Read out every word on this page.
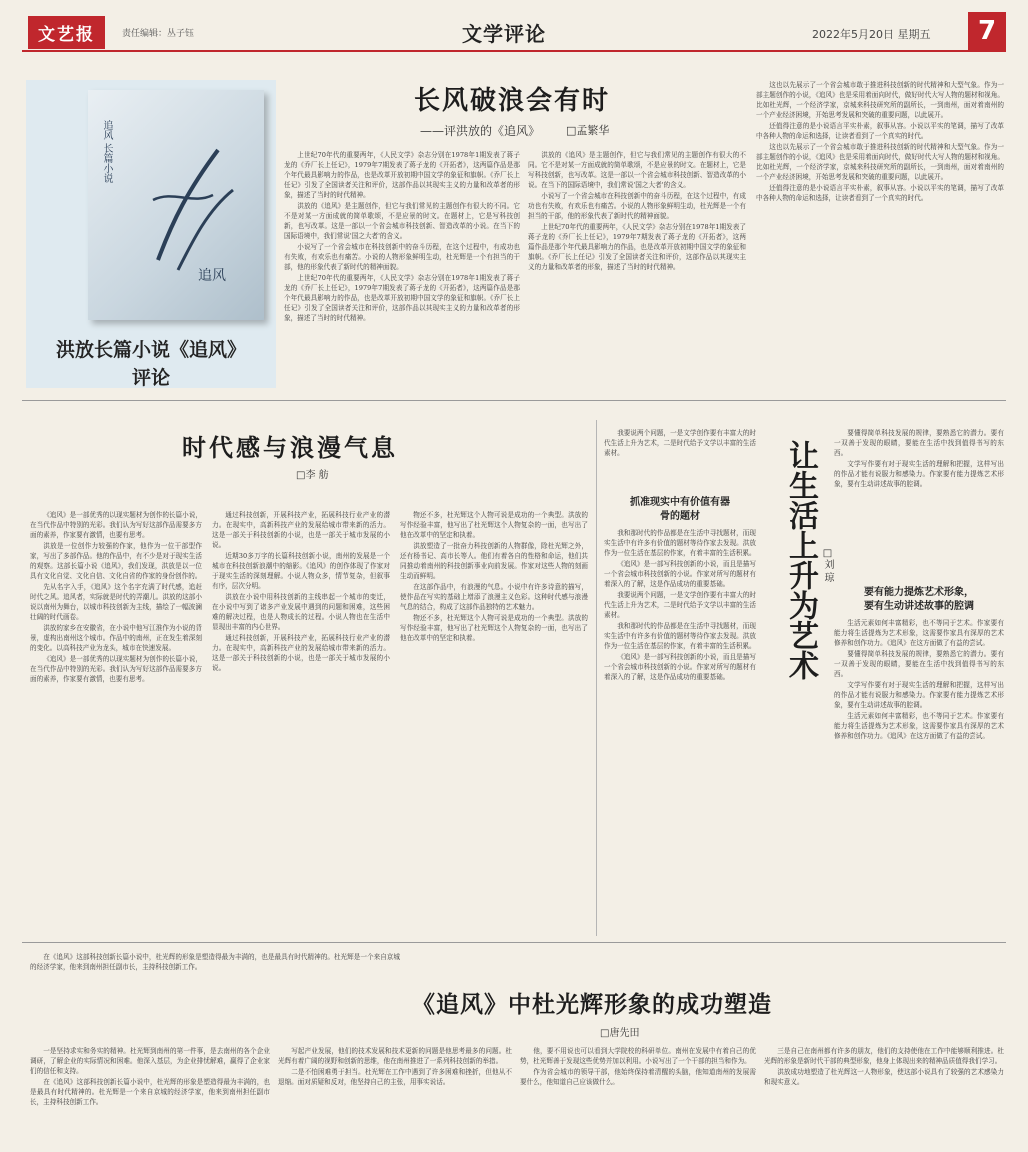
文艺报	责任编辑：丛子钰	文学评论	2022年5月20日 星期五	7
追风 长篇小说
追风
洪放长篇小说《追风》
评论
长风破浪会有时
——评洪放的《追风》 □孟繁华

上世纪70年代的重要两年，《人民文学》杂志分别在1978年1期发表了蒋子龙的《乔厂长上任记》，1979年7期发表了蒋子龙的《开拓者》，这两篇作品是那个年代最具影响力的作品，也是改革开放初期中国文学的象征和旗帜。《乔厂长上任记》引发了全国读者关注和评价，这部作品以其现实主义的力量和改革者的形象，描述了当时的时代精神。

洪放的《追风》是主题创作，但它与我们常见的主题创作有很大的不同。它不是对某一方面成就的简单歌颂，不是应景的时文。在题材上，它是写科技创新，也写改革。这是一部以一个省会城市科技创新、智造改革的小说。在当下的国际语境中，我们常说'国之大者'的含义。

小说写了一个省会城市在科技创新中的奋斗历程，在这个过程中，有成功也有失败，有欢乐也有痛苦。小说的人物形象鲜明生动，杜光辉是一个有担当的干部，他的形象代表了新时代的精神面貌。

上世纪70年代的重要两年，《人民文学》杂志分别在1978年1期发表了蒋子龙的《乔厂长上任记》，1979年7期发表了蒋子龙的《开拓者》，这两篇作品是那个年代最具影响力的作品，也是改革开放初期中国文学的象征和旗帜。《乔厂长上任记》引发了全国读者关注和评价，这部作品以其现实主义的力量和改革者的形象，描述了当时的时代精神。

洪放的《追风》是主题创作，但它与我们常见的主题创作有很大的不同。它不是对某一方面成就的简单歌颂，不是应景的时文。在题材上，它是写科技创新，也写改革。这是一部以一个省会城市科技创新、智造改革的小说。在当下的国际语境中，我们常说'国之大者'的含义。

小说写了一个省会城市在科技创新中的奋斗历程，在这个过程中，有成功也有失败，有欢乐也有痛苦。小说的人物形象鲜明生动，杜光辉是一个有担当的干部，他的形象代表了新时代的精神面貌。

上世纪70年代的重要两年，《人民文学》杂志分别在1978年1期发表了蒋子龙的《乔厂长上任记》，1979年7期发表了蒋子龙的《开拓者》，这两篇作品是那个年代最具影响力的作品，也是改革开放初期中国文学的象征和旗帜。《乔厂长上任记》引发了全国读者关注和评价，这部作品以其现实主义的力量和改革者的形象，描述了当时的时代精神。

这也以先展示了一个省会城市敢于推进科技创新的时代精神和大型气象。作为一部主题创作的小说，《追风》也是采用着面向时代，做好时代大写人物的题材和视角。比如杜光辉，一个经济学家，京城来科技研究所的副所长，一到南州，面对着南州的一个产业经济困境，开始思考发展和突破的重要问题，以此展开。

还值得注意的是小说语言平实朴素，叙事从容。小说以平实的笔调，描写了改革中各种人物的命运和选择，让读者看到了一个真实的时代。

这也以先展示了一个省会城市敢于推进科技创新的时代精神和大型气象。作为一部主题创作的小说，《追风》也是采用着面向时代，做好时代大写人物的题材和视角。比如杜光辉，一个经济学家，京城来科技研究所的副所长，一到南州，面对着南州的一个产业经济困境，开始思考发展和突破的重要问题，以此展开。

还值得注意的是小说语言平实朴素，叙事从容。小说以平实的笔调，描写了改革中各种人物的命运和选择，让读者看到了一个真实的时代。

时代感与浪漫气息
□李 舫

《追风》是一部优秀的以现实题材为创作的长篇小说，在当代作品中特别的光彩。我们认为写好这部作品需要多方面的素养，作家要有激情，也要有思考。

洪放是一位创作力较强的作家，他作为一位干部型作家，写出了多部作品。他的作品中，有不少是对于现实生活的观察。这部长篇小说《追风》，我们发现，洪放是以一位具有文化自觉、文化自信、文化自省的作家的身份创作的。

先从名字入手，《追风》这个名字充满了时代感，追赶时代之风。追风者，实际就是时代的弄潮儿。洪放的这部小说以南州为舞台，以城市科技创新为主线，描绘了一幅波澜壮阔的时代画卷。

洪放的家乡在安徽省，在小说中他写江淮作为小说的背景，虚构出南州这个城市。作品中的南州，正在发生着深刻的变化。以高科技产业为龙头，城市在快速发展。

《追风》是一部优秀的以现实题材为创作的长篇小说，在当代作品中特别的光彩。我们认为写好这部作品需要多方面的素养，作家要有激情，也要有思考。

通过科技创新，开展科技产业，拓展科技行业产业的潜力。在现实中，高新科技产业的发展给城市带来新的活力。这是一部关于科技创新的小说，也是一部关于城市发展的小说。

近期30多万字的长篇科技创新小说，南州的发展是一个城市在科技创新浪潮中的缩影。《追风》的创作体现了作家对于现实生活的深刻理解。小说人物众多，情节复杂，但叙事有序，层次分明。

洪放在小说中用科技创新的主线串起一个城市的变迁，在小说中写到了诸多产业发展中遇到的问题和困难，这些困难的解决过程，也是人物成长的过程。小说人物也在生活中显现出丰富的内心世界。

通过科技创新，开展科技产业，拓展科技行业产业的潜力。在现实中，高新科技产业的发展给城市带来新的活力。这是一部关于科技创新的小说，也是一部关于城市发展的小说。

物还不多，杜光辉这个人物可说是成功的一个典型。洪放的写作经验丰富，他写出了杜光辉这个人物复杂的一面，也写出了他在改革中的坚定和执着。

洪放塑造了一批奋力科技创新的人物群像，除杜光辉之外，还有杨书记、高市长等人。他们有着各自的性格和命运，他们共同推动着南州的科技创新事业向前发展。作家对这些人物的刻画生动而鲜明。

在这部作品中，有浪漫的气息。小说中有许多诗意的描写，使作品在写实的基础上增添了浪漫主义色彩。这种时代感与浪漫气息的结合，构成了这部作品独特的艺术魅力。

物还不多，杜光辉这个人物可说是成功的一个典型。洪放的写作经验丰富，他写出了杜光辉这个人物复杂的一面，也写出了他在改革中的坚定和执着。

我要说两个问题，一是文学创作要有丰富大的时代生活上升为艺术，二是时代给予文学以丰富的生活素材。

抓准现实中有价值有器
骨的题材

我和那时代的作品都是在生活中寻找题材，而现实生活中有许多有价值的题材等待作家去发现。洪放作为一位生活在基层的作家，有着丰富的生活积累。

《追风》是一部写科技创新的小说，而且是描写一个省会城市科技创新的小说。作家对所写的题材有着深入的了解，这是作品成功的重要基础。

我要说两个问题，一是文学创作要有丰富大的时代生活上升为艺术，二是时代给予文学以丰富的生活素材。

我和那时代的作品都是在生活中寻找题材，而现实生活中有许多有价值的题材等待作家去发现。洪放作为一位生活在基层的作家，有着丰富的生活积累。

《追风》是一部写科技创新的小说，而且是描写一个省会城市科技创新的小说。作家对所写的题材有着深入的了解，这是作品成功的重要基础。	让生活上升为艺术 □刘 琼

要懂得简单科技发展的规律，要熟悉它的潜力。要有一双善于发现的眼睛，要能在生活中找到值得书写的东西。

文学写作要有对于现实生活的理解和把握，这样写出的作品才能有说服力和感染力。作家要有能力提炼艺术形象，要有生动讲述故事的腔调。

要有能力提炼艺术形象，
要有生动讲述故事的腔调

生活元素如何丰富精彩，也不等同于艺术。作家要有能力将生活提炼为艺术形象，这需要作家具有深厚的艺术修养和创作功力。《追风》在这方面做了有益的尝试。

要懂得简单科技发展的规律，要熟悉它的潜力。要有一双善于发现的眼睛，要能在生活中找到值得书写的东西。

文学写作要有对于现实生活的理解和把握，这样写出的作品才能有说服力和感染力。作家要有能力提炼艺术形象，要有生动讲述故事的腔调。

生活元素如何丰富精彩，也不等同于艺术。作家要有能力将生活提炼为艺术形象，这需要作家具有深厚的艺术修养和创作功力。《追风》在这方面做了有益的尝试。

在《追风》这部科技创新长篇小说中，杜光辉的形象是塑造得最为丰满的，也是最具有时代精神的。杜光辉是一个来自京城的经济学家，他来到南州担任副市长，主持科技创新工作。

《追风》中杜光辉形象的成功塑造
□唐先田

一是坚持求实和务实的精神。杜光辉到南州的第一件事，是去南州的各个企业调研，了解企业的实际情况和困难。他深入基层，为企业排忧解难，赢得了企业家们的信任和支持。

在《追风》这部科技创新长篇小说中，杜光辉的形象是塑造得最为丰满的，也是最具有时代精神的。杜光辉是一个来自京城的经济学家，他来到南州担任副市长，主持科技创新工作。

写起产业发展，他们的技术发展和技术更新的问题是他思考最多的问题。杜光辉有着广阔的视野和创新的思维，他在南州推进了一系列科技创新的举措。

二是不怕困难勇于担当。杜光辉在工作中遇到了许多困难和挫折，但他从不退缩。面对质疑和反对，他坚持自己的主张，用事实说话。

他，要不用说也可以看到大学院校的科研单位。南州在发展中有着自己的优势，杜光辉善于发现这些优势并加以利用。小说写出了一个干部的担当和作为。

作为省会城市的领导干部，他始终保持着清醒的头脑，他知道南州的发展需要什么，他知道自己应该做什么。

三是自己在南州都有许多的朋友，他们的支持使他在工作中能够顺利推进。杜光辉的形象是新时代干部的典型形象，他身上体现出来的精神品质值得我们学习。

洪放成功地塑造了杜光辉这一人物形象，使这部小说具有了较强的艺术感染力和现实意义。
